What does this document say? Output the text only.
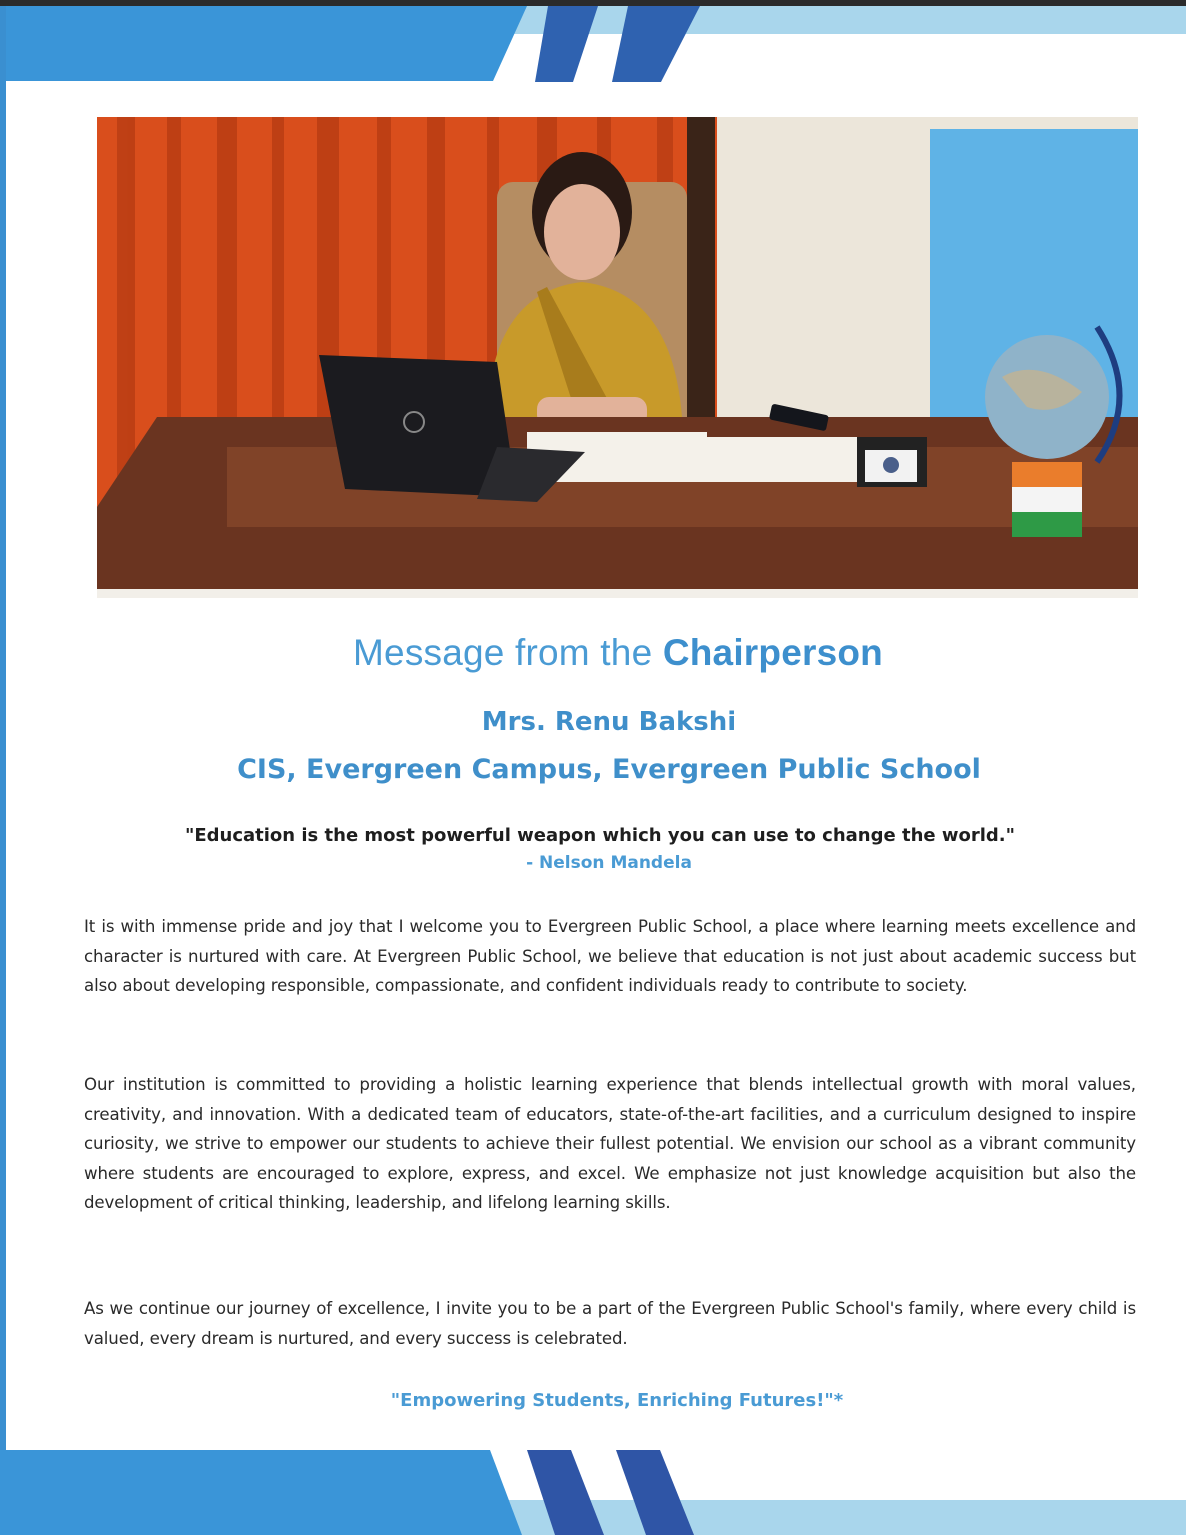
Message from the Chairperson
Mrs. Renu Bakshi
CIS, Evergreen Campus, Evergreen Public School
"Education is the most powerful weapon which you can use to change the world."
- Nelson Mandela
It is with immense pride and joy that I welcome you to Evergreen Public School, a place where learning meets excellence and character is nurtured with care. At Evergreen Public School, we believe that education is not just about academic success but also about developing responsible, compassionate, and confident individuals ready to contribute to society.
Our institution is committed to providing a holistic learning experience that blends intellectual growth with moral values, creativity, and innovation. With a dedicated team of educators, state-of-the-art facilities, and a curriculum designed to inspire curiosity, we strive to empower our students to achieve their fullest potential. We envision our school as a vibrant community where students are encouraged to explore, express, and excel. We emphasize not just knowledge acquisition but also the development of critical thinking, leadership, and lifelong learning skills.
As we continue our journey of excellence, I invite you to be a part of the Evergreen Public School's family, where every child is valued, every dream is nurtured, and every success is celebrated.
"Empowering Students, Enriching Futures!"*
